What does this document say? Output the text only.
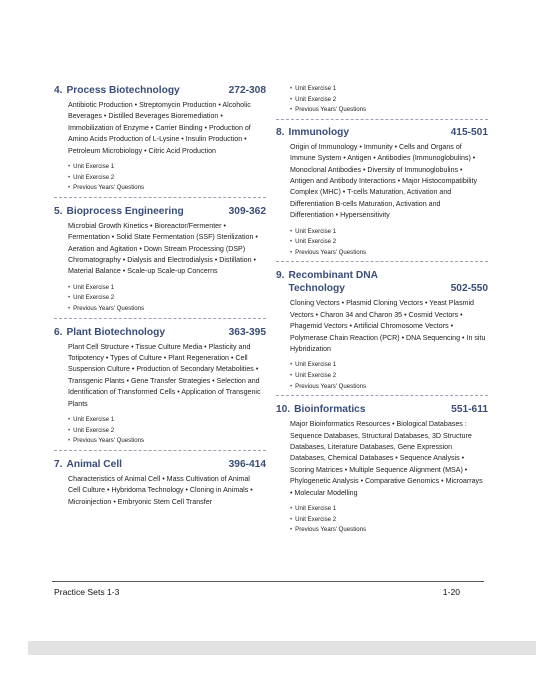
4. Process Biotechnology	272-308
Antibiotic Production • Streptomycin Production • Alcoholic Beverages • Distilled Beverages Bioremediation • Immobilization of Enzyme • Carrier Binding • Production of Amino Acids Production of L-Lysine • Insulin Production • Petroleum Microbiology • Citric Acid Production
• Unit Exercise 1
• Unit Exercise 2
• Previous Years' Questions
5. Bioprocess Engineering	309-362
Microbial Growth Kinetics • Bioreactor/Fermenter • Fermentation • Solid State Fermentation (SSF) Sterilization • Aeration and Agitation • Down Stream Processing (DSP) Chromatography • Dialysis and Electrodialysis • Distillation • Material Balance • Scale-up Scale-up Concerns
• Unit Exercise 1
• Unit Exercise 2
• Previous Years' Questions
6. Plant Biotechnology	363-395
Plant Cell Structure • Tissue Culture Media • Plasticity and Totipotency • Types of Culture • Plant Regeneration • Cell Suspension Culture • Production of Secondary Metabolities • Transgenic Plants • Gene Transfer Strategies • Selection and Identification of Transformed Cells • Application of Transgenic Plants
• Unit Exercise 1
• Unit Exercise 2
• Previous Years' Questions
7. Animal Cell	396-414
Characteristics of Animal Cell • Mass Cultivation of Animal Cell Culture • Hybridoma Technology • Cloning in Animals • Microinjection • Embryonic Stem Cell Transfer
• Unit Exercise 1
• Unit Exercise 2
• Previous Years' Questions
8. Immunology	415-501
Origin of Immunology • Immunity • Cells and Organs of Immune System • Antigen • Antibodies (Immunoglobulins) • Monoclonal Antibodies • Diversity of Immunoglobulins • Antigen and Antibody Interactions • Major Histocompatibility Complex (MHC) • T-cells Maturation, Activation and Differentiation B-cells Maturation, Activation and Differentiation • Hypersensitivity
• Unit Exercise 1
• Unit Exercise 2
• Previous Years' Questions
9. Recombinant DNA Technology	502-550
Cloning Vectors • Plasmid Cloning Vectors • Yeast Plasmid Vectors • Charon 34 and Charon 35 • Cosmid Vectors • Phagemid Vectors • Artificial Chromosome Vectors • Polymerase Chain Reaction (PCR) • DNA Sequencing • In situ Hybridization
• Unit Exercise 1
• Unit Exercise 2
• Previous Years' Questions
10. Bioinformatics	551-611
Major Bioinformatics Resources • Biological Databases : Sequence Databases, Structural Databases, 3D Structure Databases, Literature Databases, Gene Expression Databases, Chemical Databases • Sequence Analysis • Scoring Matrices • Multiple Sequence Alignment (MSA) • Phylogenetic Analysis • Comparative Genomics • Microarrays • Molecular Modelling
• Unit Exercise 1
• Unit Exercise 2
• Previous Years' Questions
Practice Sets 1-3	1-20
